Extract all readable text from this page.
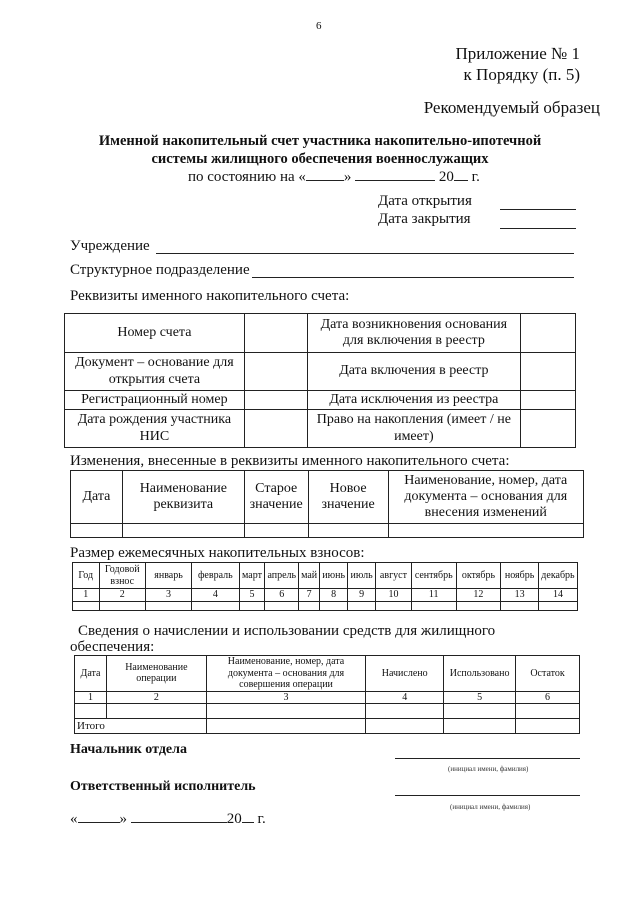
6
Приложение № 1
к Порядку (п. 5)
Рекомендуемый образец
Именной накопительный счет участника накопительно-ипотечной
системы жилищного обеспечения военнослужащих
по состоянию на «	»	20 г.
Дата открытия
Дата закрытия
Учреждение
Структурное подразделение
Реквизиты именного накопительного счета:
Номер счета		Дата возникновения основания для включения в реестр	
Документ – основание для открытия счета		Дата включения в реестр	
Регистрационный номер		Дата исключения из реестра	
Дата рождения участника НИС		Право на накопления (имеет / не имеет)	
Изменения, внесенные в реквизиты именного накопительного счета:
Дата	Наименование реквизита	Старое значение	Новое значение	Наименование, номер, дата документа – основания для внесения изменений

Размер ежемесячных накопительных взносов:
Год	Годовой взнос	январь	февраль	март	апрель	май	июнь	июль	август	сентябрь	октябрь	ноябрь	декабрь
1	2	3	4	5	6	7	8	9	10	11	12	13	14

Сведения о начислении и использовании средств для жилищного
обеспечения:
Дата	Наименование операции	Наименование, номер, дата документа – основания для совершения операции	Начислено	Использовано	Остаток
1	2	3	4	5	6

Итого					
Начальник отдела
(инициал имени, фамилия)
Ответственный исполнитель
(инициал имени, фамилия)
«	»	20 г.
